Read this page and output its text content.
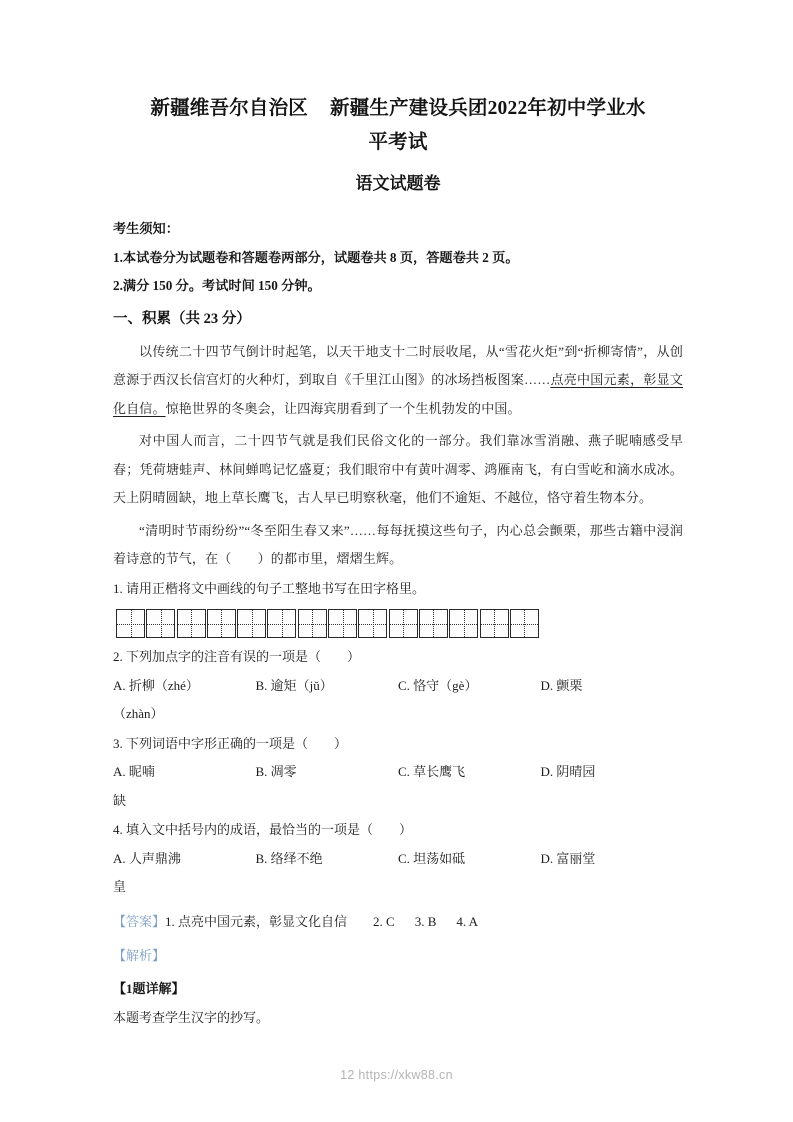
新疆维吾尔自治区 新疆生产建设兵团2022年初中学业水
平考试
语文试题卷
考生须知：
1.本试卷分为试题卷和答题卷两部分，试题卷共 8 页，答题卷共 2 页。
2.满分 150 分。考试时间 150 分钟。
一、积累（共 23 分）

以传统二十四节气倒计时起笔，以天干地支十二时辰收尾，从“雪花火炬”到“折柳寄情”，从创意源于西汉长信宫灯的火种灯，到取自《千里江山图》的冰场挡板图案……点亮中国元素，彰显文化自信。惊艳世界的冬奥会，让四海宾朋看到了一个生机勃发的中国。

对中国人而言，二十四节气就是我们民俗文化的一部分。我们靠冰雪消融、燕子昵喃感受早春；凭荷塘蛙声、林间蝉鸣记忆盛夏；我们眼帘中有黄叶凋零、鸿雁南飞，有白雪屹和滴水成冰。天上阴晴圆缺，地上草长鹰飞，古人早已明察秋毫，他们不逾矩、不越位，恪守着生物本分。

“清明时节雨纷纷”“冬至阳生春又来”……每每抚摸这些句子，内心总会颤栗，那些古籍中浸润着诗意的节气，在（　　）的都市里，熠熠生辉。

1. 请用正楷将文中画线的句子工整地书写在田字格里。
2. 下列加点字的注音有误的一项是（　　）
A. 折柳（zhé）	B. 逾矩（jǔ）	C. 恪守（gè）	D. 颤栗
（zhàn）
3. 下列词语中字形正确的一项是（　　）
A. 昵喃	B. 凋零	C. 草长鹰飞	D. 阴晴园
缺
4. 填入文中括号内的成语，最恰当的一项是（　　）
A. 人声鼎沸	B. 络绎不绝	C. 坦荡如砥	D. 富丽堂
皇
【答案】1. 点亮中国元素，彰显文化自信 2. C 3. B 4. A
【解析】
【1题详解】
本题考查学生汉字的抄写。
12 https://xkw88.cn
